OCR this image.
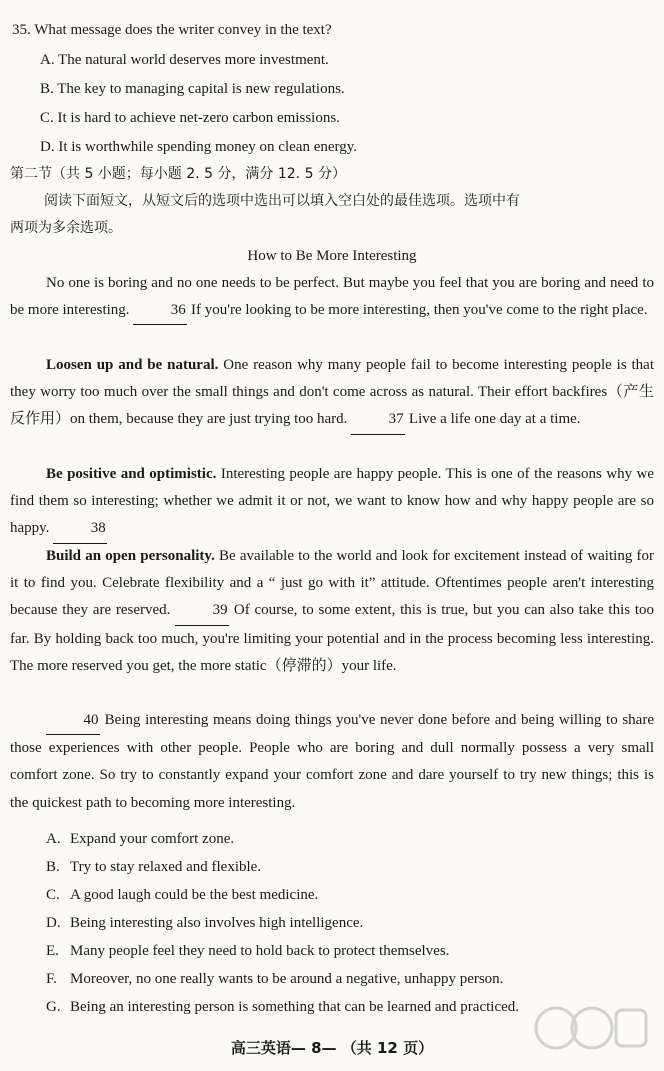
35. What message does the writer convey in the text?
A. The natural world deserves more investment.
B. The key to managing capital is new regulations.
C. It is hard to achieve net-zero carbon emissions.
D. It is worthwhile spending money on clean energy.
第二节（共 5 小题；每小题 2. 5 分，满分 12. 5 分）
阅读下面短文，从短文后的选项中选出可以填入空白处的最佳选项。选项中有
两项为多余选项。
How to Be More Interesting
No one is boring and no one needs to be perfect. But maybe you feel that you are boring and need to be more interesting.	36 If you're looking to be more interesting, then you've come to the right place.
Loosen up and be natural. One reason why many people fail to become interesting people is that they worry too much over the small things and don't come across as natural. Their effort backfires（产生反作用）on them, because they are just trying too hard.	37 Live a life one day at a time.
Be positive and optimistic. Interesting people are happy people. This is one of the reasons why we find them so interesting; whether we admit it or not, we want to know how and why happy people are so happy.	38
Build an open personality. Be available to the world and look for excitement instead of waiting for it to find you. Celebrate flexibility and a “ just go with it” attitude. Oftentimes people aren't interesting because they are reserved.	39 Of course, to some extent, this is true, but you can also take this too far. By holding back too much, you're limiting your potential and in the process becoming less interesting. The more reserved you get, the more static（停滞的）your life.
40 Being interesting means doing things you've never done before and being willing to share those experiences with other people. People who are boring and dull normally possess a very small comfort zone. So try to constantly expand your comfort zone and dare yourself to try new things; this is the quickest path to becoming more interesting.
A. Expand your comfort zone.
B. Try to stay relaxed and flexible.
C. A good laugh could be the best medicine.
D. Being interesting also involves high intelligence.
E. Many people feel they need to hold back to protect themselves.
F. Moreover, no one really wants to be around a negative, unhappy person.
G. Being an interesting person is something that can be learned and practiced.
高三英语— 8— （共 12 页）
